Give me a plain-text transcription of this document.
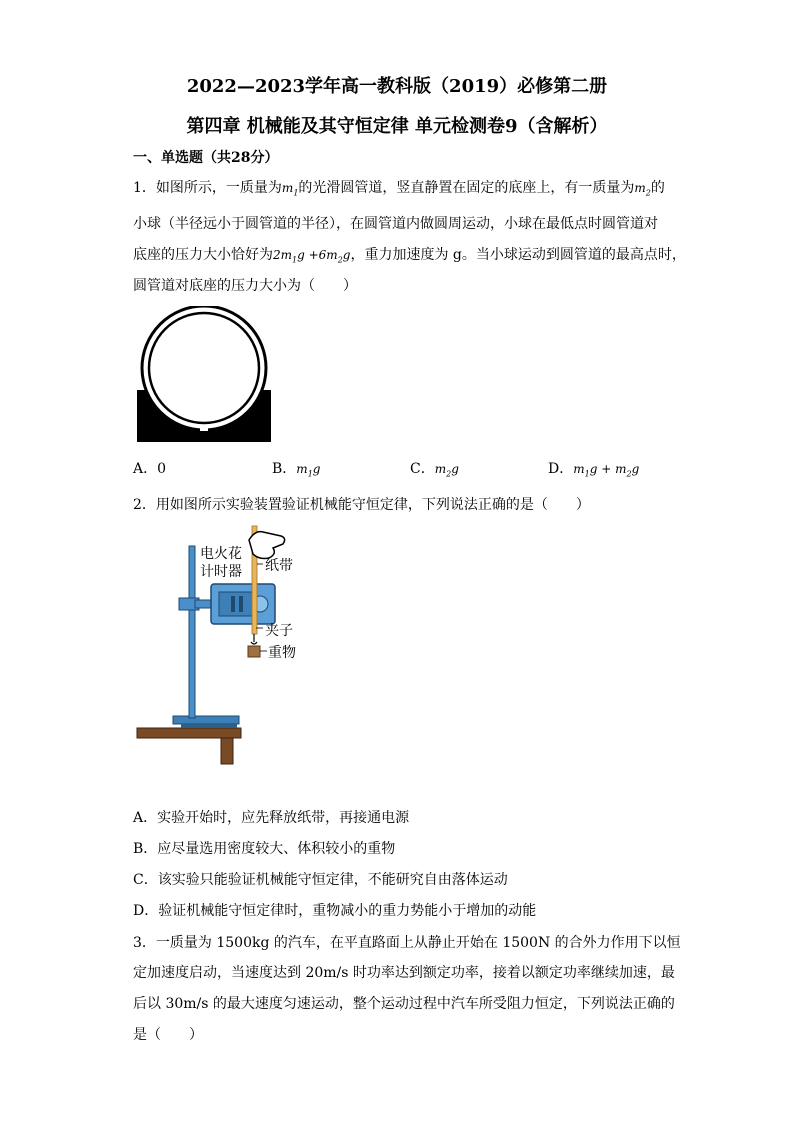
2022—2023学年高一教科版（2019）必修第二册
第四章 机械能及其守恒定律 单元检测卷9（含解析）
一、单选题（共28分）
1．如图所示，一质量为$m_1$的光滑圆管道，竖直静置在固定的底座上，有一质量为$m_2$的
小球（半径远小于圆管道的半径），在圆管道内做圆周运动，小球在最低点时圆管道对
底座的压力大小恰好为$2m_1g +6m_2g$，重力加速度为 g。当小球运动到圆管道的最高点时，
圆管道对底座的压力大小为（　　）
A．0	B．$m_1g$	C．$m_2g$	D．$m_1g + m_2g$
2．用如图所示实验装置验证机械能守恒定律，下列说法正确的是（　　）
电火花
计时器 纸带
夹子
重物
A．实验开始时，应先释放纸带，再接通电源
B．应尽量选用密度较大、体积较小的重物
C．该实验只能验证机械能守恒定律，不能研究自由落体运动
D．验证机械能守恒定律时，重物减小的重力势能小于增加的动能
3．一质量为 1500kg 的汽车，在平直路面上从静止开始在 1500N 的合外力作用下以恒
定加速度启动，当速度达到 20m/s 时功率达到额定功率，接着以额定功率继续加速，最
后以 30m/s 的最大速度匀速运动，整个运动过程中汽车所受阻力恒定，下列说法正确的
是（　　）
